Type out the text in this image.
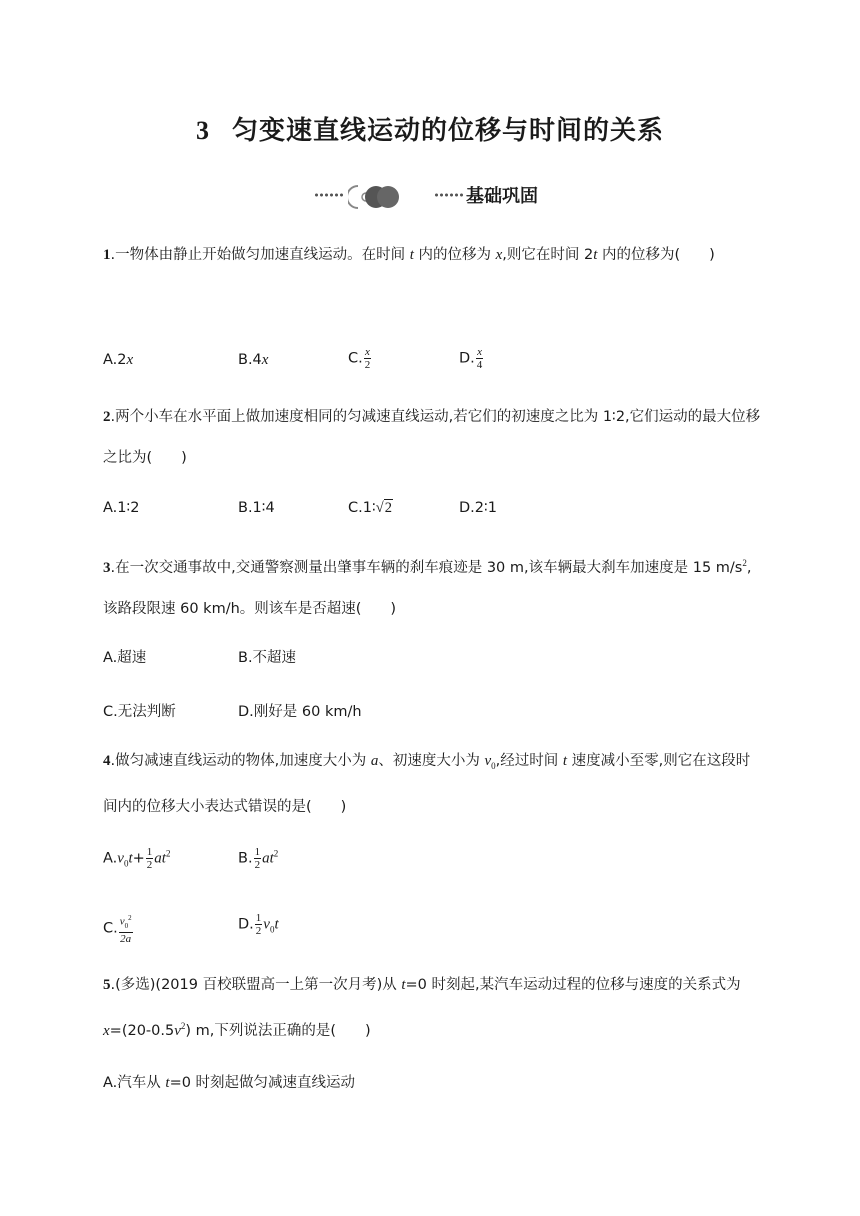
3 匀变速直线运动的位移与时间的关系
基础巩固
1.一物体由静止开始做匀加速直线运动。在时间 t 内的位移为 x,则它在时间 2t 内的位移为(　　)
A.2x	B.4x	C. $\frac{x}{2}$	D. $\frac{x}{4}$
2.两个小车在水平面上做加速度相同的匀减速直线运动,若它们的初速度之比为 1∶2,它们运动的最大位移之比为(　　)
A.1∶2	B.1∶4	C.1∶√2	D.2∶1
3.在一次交通事故中,交通警察测量出肇事车辆的刹车痕迹是 30 m,该车辆最大刹车加速度是 15 $m/s^2$,该路段限速 60 km/h。则该车是否超速(　　)
A.超速	B.不超速
C.无法判断	D.刚好是 60 km/h
4.做匀减速直线运动的物体,加速度大小为 a、初速度大小为 $v_0$,经过时间 t 速度减小至零,则它在这段时间内的位移大小表达式错误的是(　　)
$A.v_0t+ \frac{1}{2} at^2$	B. $\frac{1}{2} at^2$
C. $\frac{v_0^2}{2a}$	D. $\frac{1}{2} v_0t$
5.(多选)(2019 百校联盟高一上第一次月考)从 t=0 时刻起,某汽车运动过程的位移与速度的关系式为 $x=(20-0.5v^2)$ m,下列说法正确的是(　　)
A.汽车从 t=0 时刻起做匀减速直线运动
